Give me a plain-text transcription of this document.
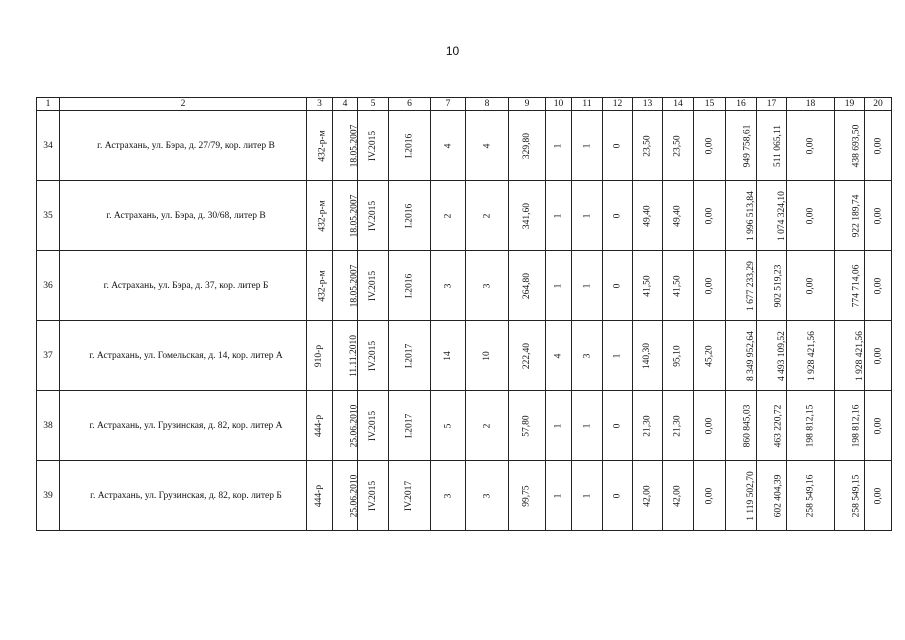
10
1	2	3	4	5	6	7	8	9	10	11	12	13	14	15	16	17	18	19	20
34	г. Астрахань, ул. Бэра, д. 27/79, кор. литер В	432-р-м	18.05.2007	IV.2015	I.2016	4	4	329,80	1	1	0	23,50	23,50	0,00	949 758,61	511 065,11	0,00	438 693,50	0,00
35	г. Астрахань, ул. Бэра, д. 30/68, литер В	432-р-м	18.05.2007	IV.2015	I.2016	2	2	341,60	1	1	0	49,40	49,40	0,00	1 996 513,84	1 074 324,10	0,00	922 189,74	0,00
36	г. Астрахань, ул. Бэра, д. 37, кор. литер Б	432-р-м	18.05.2007	IV.2015	I.2016	3	3	264,80	1	1	0	41,50	41,50	0,00	1 677 233,29	902 519,23	0,00	774 714,06	0,00
37	г. Астрахань, ул. Гомельская, д. 14, кор. литер А	910-р	11.11.2010	IV.2015	I.2017	14	10	222,40	4	3	1	140,30	95,10	45,20	8 349 952,64	4 493 109,52	1 928 421,56	1 928 421,56	0,00
38	г. Астрахань, ул. Грузинская, д. 82, кор. литер А	444-р	25.06.2010	IV.2015	I.2017	5	2	57,80	1	1	0	21,30	21,30	0,00	860 845,03	463 220,72	198 812,15	198 812,16	0,00
39	г. Астрахань, ул. Грузинская, д. 82, кор. литер Б	444-р	25.06.2010	IV.2015	IV.2017	3	3	99,75	1	1	0	42,00	42,00	0,00	1 119 502,70	602 404,39	258 549,16	258 549,15	0,00
